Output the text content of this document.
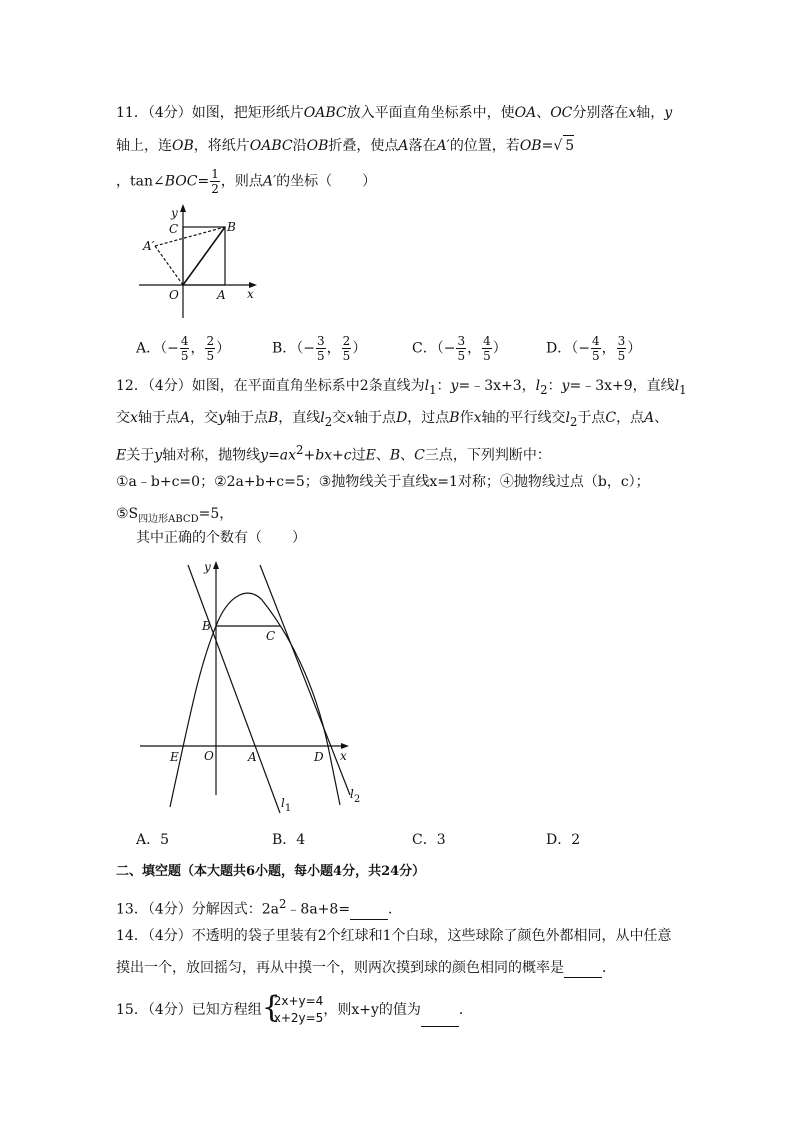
11．（4分）如图，把矩形纸片OABC放入平面直角坐标系中，使OA、OC分别落在x轴，y
轴上，连OB，将纸片OABC沿OB折叠，使点A落在A′的位置，若OB=√ 5
，tan∠BOC= $\frac{1}{2}$ ，则点A′的坐标（ ）
y
C	B
A′
O	A x
A．（− $\frac{4}{5}$ ， $\frac{2}{5}$ ）	B．（− $\frac{3}{5}$ ， $\frac{2}{5}$ ）	C．（− $\frac{3}{5}$ ， $\frac{4}{5}$ ）	D．（− $\frac{4}{5}$ ， $\frac{3}{5}$ ）
12．（4分）如图，在平面直角坐标系中2条直线为$l_1$：y=﹣3x+3，$l_2$：y=﹣3x+9，直线$l_1$
交x轴于点A，交y轴于点B，直线$l_2$交x轴于点D，过点B作x轴的平行线交$l_2$于点C，点A、
E关于y轴对称，抛物线$y=ax^2+bx+c$过E、B、C三点，下列判断中：
①a﹣b+c=0；②2a+b+c=5；③抛物线关于直线x=1对称；④抛物线过点（b，c）；
$⑤S_{四边形ABCD}=5$，
其中正确的个数有（ ）
y
B
C
E O	A	D x
$l_1$
$l_2$
A．5	B．4	C．3	D．2
二、填空题（本大题共6小题，每小题4分，共24分）
13．（4分）分解因式：$2a^2﹣8a+8=$	．
14．（4分）不透明的袋子里装有2个红球和1个白球，这些球除了颜色外都相同，从中任意
摸出一个，放回摇匀，再从中摸一个，则两次摸到球的颜色相同的概率是	．
15．（4分）已知方程组 {
2x+y=4
x+2y=5 ，则x+y的值为	．
